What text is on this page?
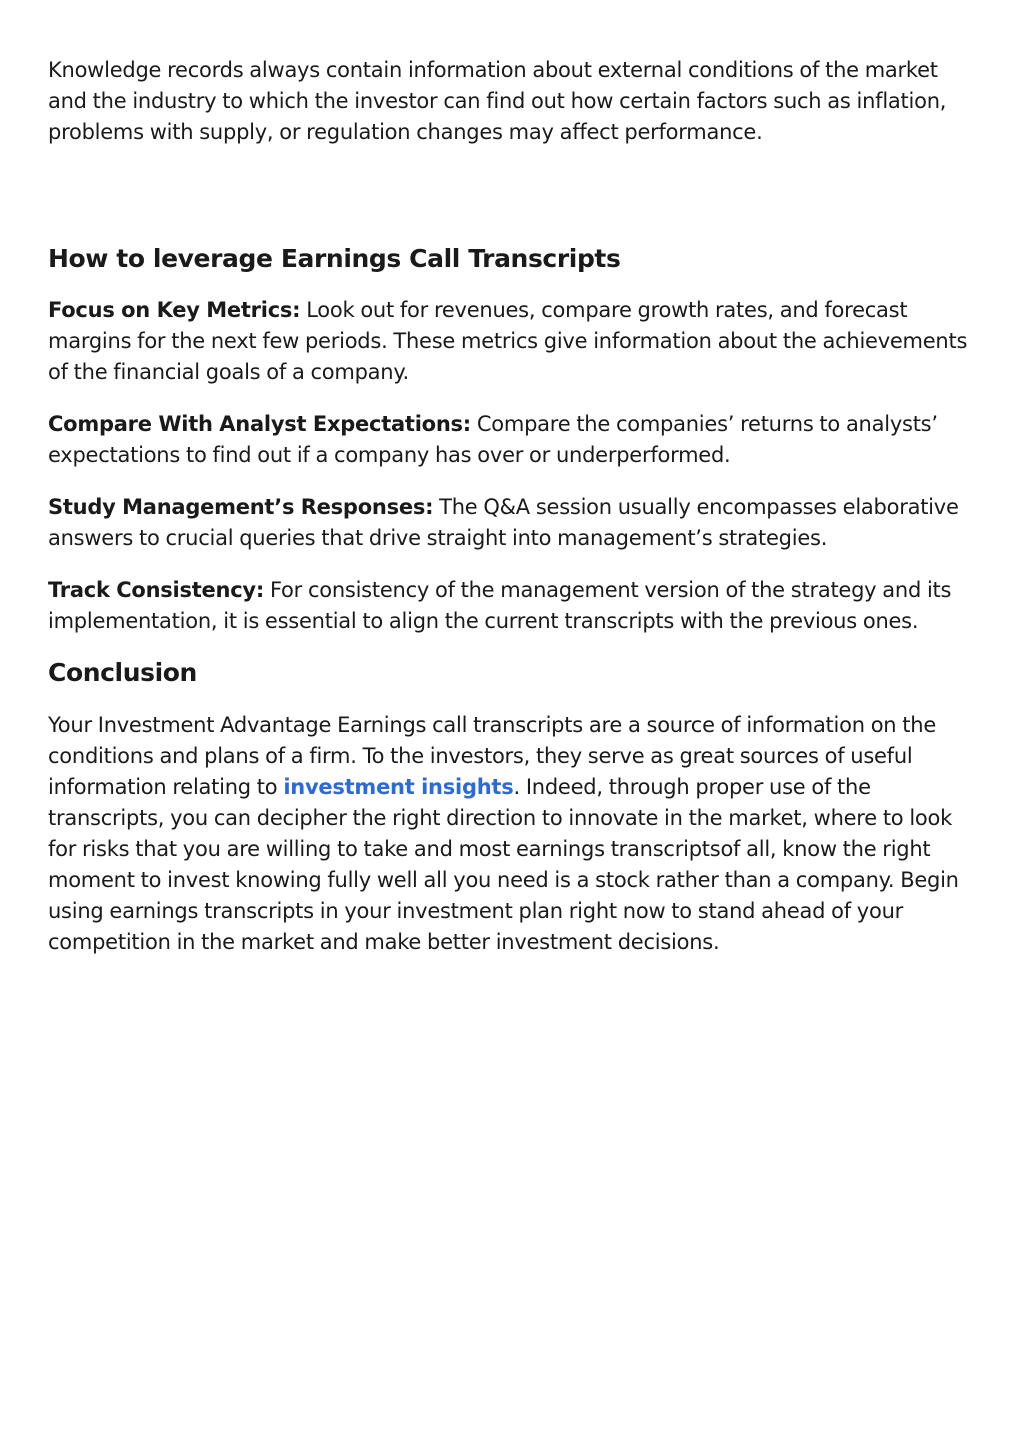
Knowledge records always contain information about external conditions of the market and the industry to which the investor can find out how certain factors such as inflation, problems with supply, or regulation changes may affect performance.

How to leverage Earnings Call Transcripts

Focus on Key Metrics: Look out for revenues, compare growth rates, and forecast margins for the next few periods. These metrics give information about the achievements of the financial goals of a company.

Compare With Analyst Expectations: Compare the companies’ returns to analysts’ expectations to find out if a company has over or underperformed.

Study Management’s Responses: The Q&A session usually encompasses elaborative answers to crucial queries that drive straight into management’s strategies.

Track Consistency: For consistency of the management version of the strategy and its implementation, it is essential to align the current transcripts with the previous ones.

Conclusion

Your Investment Advantage Earnings call transcripts are a source of information on the conditions and plans of a firm. To the investors, they serve as great sources of useful information relating to investment insights. Indeed, through proper use of the transcripts, you can decipher the right direction to innovate in the market, where to look for risks that you are willing to take and most earnings transcriptsof all, know the right moment to invest knowing fully well all you need is a stock rather than a company. Begin using earnings transcripts in your investment plan right now to stand ahead of your competition in the market and make better investment decisions.
